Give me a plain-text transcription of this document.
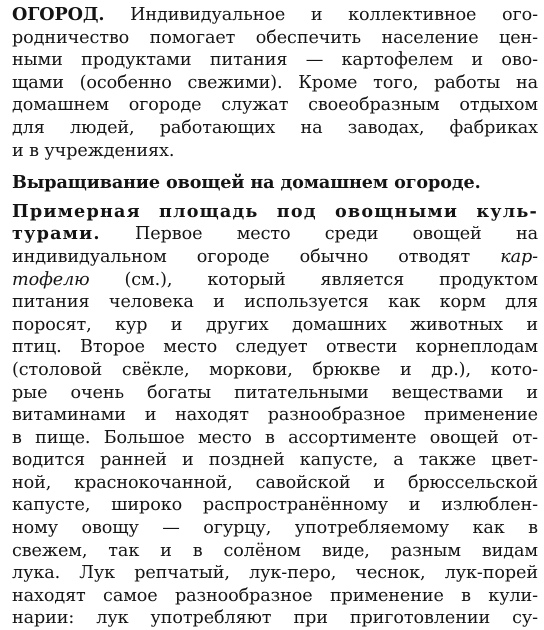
ОГОРОД. Индивидуальное и коллективное ого-
родничество помогает обеспечить население цен-
ными продуктами питания — картофелем и ово-
щами (особенно свежими). Кроме того, работы на
домашнем огороде служат своеобразным отдыхом
для людей, работающих на заводах, фабриках
и в учреждениях.
Выращивание овощей на домашнем огороде.
Примерная площадь под овощными куль-
турами. Первое место среди овощей на
индивидуальном огороде обычно отводят кар-
тофелю (см.), который является продуктом
питания человека и используется как корм для
поросят, кур и других домашних животных и
птиц. Второе место следует отвести корнеплодам
(столовой свёкле, моркови, брюкве и др.), кото-
рые очень богаты питательными веществами и
витаминами и находят разнообразное применение
в пище. Большое место в ассортименте овощей от-
водится ранней и поздней капусте, а также цвет-
ной, краснокочанной, савойской и брюссельской
капусте, широко распространённому и излюблен-
ному овощу — огурцу, употребляемому как в
свежем, так и в солёном виде, разным видам
лука. Лук репчатый, лук-перо, чеснок, лук-порей
находят самое разнообразное применение в кули-
нарии: лук употребляют при приготовлении су-
